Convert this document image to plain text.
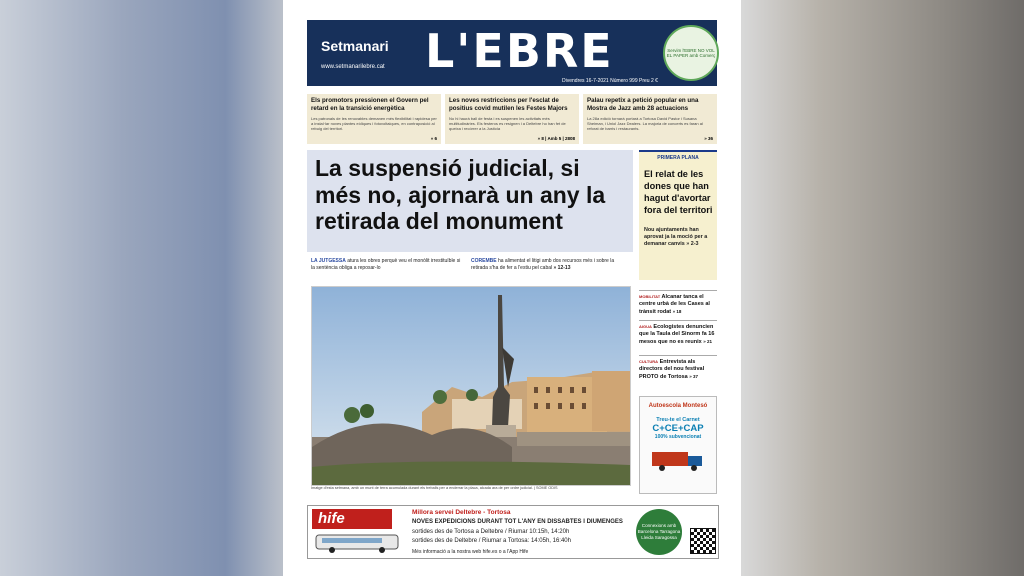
Setmanari
www.setmanarilebre.cat L'EBRE
Divendres 16-7-2021 Número 999 Preu 2 €
Servim l'EBRE NO VOL EL PAPER amb Comerç
Els promotors pressionen el Govern pel retard en la transició energètica
Les patronals de les renovables demanen més flexibilitat i rapidesa per a instal·lar noves plantes eòliques i fotovoltaiques, en contraposició al rebuig del territori.
» 6
Les noves restriccions per l'esclat de positius covid mutilen les Festes Majors
No hi haurà ball de festa i es suspenen les activitats més multitudinàries. Els festeros es resignen i a Deltebre ho han fet de queixa i recórrer a la Justícia
» 8 | Amb 5 | 2808
Palau repetix a petició popular en una Mostra de Jazz amb 28 actuacions
La 28a edició tornarà portarà a Tortosa David Pastor i Susana Sheiman, i Uniol Jazz Dealers. La majoria de concerts es faran al reforat de barris i restaurants.
» 36
La suspensió judicial, si més no, ajornarà un any la retirada del monument
LA JUTGESSA atura les obres perquè veu el monòlit irrestituïble si la sentència obliga a reposar-lo
COREMBE ha alimentat el litigi amb dos recursos més i sobre la retirada s'ha de fer a l'estiu pel cabal » 12-13
Imatge d'esta setmana, amb un munt de terra acumulada durant els treballs per a enderrar la placa, alcada ara de per ordre judicial. | SOME ODIS
PRIMERA PLANA
El relat de les dones que han hagut d'avortar fora del territori
Nou ajuntaments han aprovat ja la moció per a demanar canvis » 2-3
MOBILITAT Alcanar tanca el centre urbà de les Cases al trànsit rodat » 18
AIGUA Ecologistes denuncien que la Taula del Sinorm fa 16 mesos que no es reunix » 21
CULTURA Entrevista als directors del nou festival PROTO de Tortosa » 37
Autoescola Montesó
Treu-te el Carnet
C+CE+CAP
100% subvencionat
hife	Millora servei Deltebre - Tortosa
NOVES EXPEDICIONS DURANT TOT L'ANY EN DISSABTES I DIUMENGES
sortides des de Tortosa a Deltebre / Riumar 10:15h, 14:20h
sortides des de Deltebre / Riumar a Tortosa: 14:05h, 16:40h
Més informació a la nostra web hife.es o a l'App Hife
Connexions amb Barcelona Tarragona Lleida Saragossa
